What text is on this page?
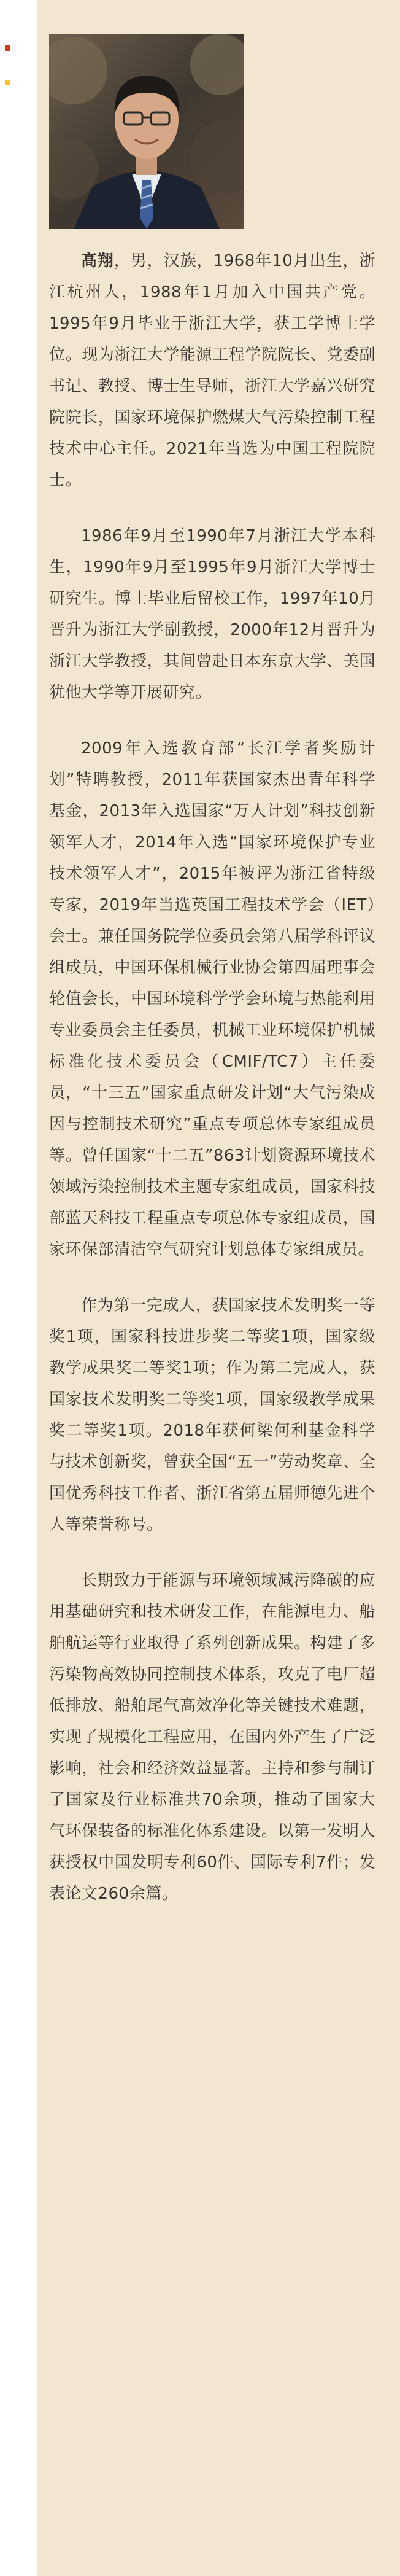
高翔，男，汉族，1968年10月出生，浙江杭州人，1988年1月加入中国共产党。1995年9月毕业于浙江大学，获工学博士学位。现为浙江大学能源工程学院院长、党委副书记、教授、博士生导师，浙江大学嘉兴研究院院长，国家环境保护燃煤大气污染控制工程技术中心主任。2021年当选为中国工程院院士。

1986年9月至1990年7月浙江大学本科生，1990年9月至1995年9月浙江大学博士研究生。博士毕业后留校工作，1997年10月晋升为浙江大学副教授，2000年12月晋升为浙江大学教授，其间曾赴日本东京大学、美国犹他大学等开展研究。

2009年入选教育部“长江学者奖励计划”特聘教授，2011年获国家杰出青年科学基金，2013年入选国家“万人计划”科技创新领军人才，2014年入选“国家环境保护专业技术领军人才”，2015年被评为浙江省特级专家，2019年当选英国工程技术学会（IET）会士。兼任国务院学位委员会第八届学科评议组成员，中国环保机械行业协会第四届理事会轮值会长，中国环境科学学会环境与热能利用专业委员会主任委员，机械工业环境保护机械标准化技术委员会（CMIF/TC7）主任委员，“十三五”国家重点研发计划“大气污染成因与控制技术研究”重点专项总体专家组成员等。曾任国家“十二五”863计划资源环境技术领域污染控制技术主题专家组成员，国家科技部蓝天科技工程重点专项总体专家组成员，国家环保部清洁空气研究计划总体专家组成员。

作为第一完成人，获国家技术发明奖一等奖1项，国家科技进步奖二等奖1项，国家级教学成果奖二等奖1项；作为第二完成人，获国家技术发明奖二等奖1项，国家级教学成果奖二等奖1项。2018年获何梁何利基金科学与技术创新奖，曾获全国“五一”劳动奖章、全国优秀科技工作者、浙江省第五届师德先进个人等荣誉称号。

长期致力于能源与环境领域减污降碳的应用基础研究和技术研发工作，在能源电力、船舶航运等行业取得了系列创新成果。构建了多污染物高效协同控制技术体系，攻克了电厂超低排放、船舶尾气高效净化等关键技术难题，实现了规模化工程应用，在国内外产生了广泛影响，社会和经济效益显著。主持和参与制订了国家及行业标准共70余项，推动了国家大气环保装备的标准化体系建设。以第一发明人获授权中国发明专利60件、国际专利7件；发表论文260余篇。
